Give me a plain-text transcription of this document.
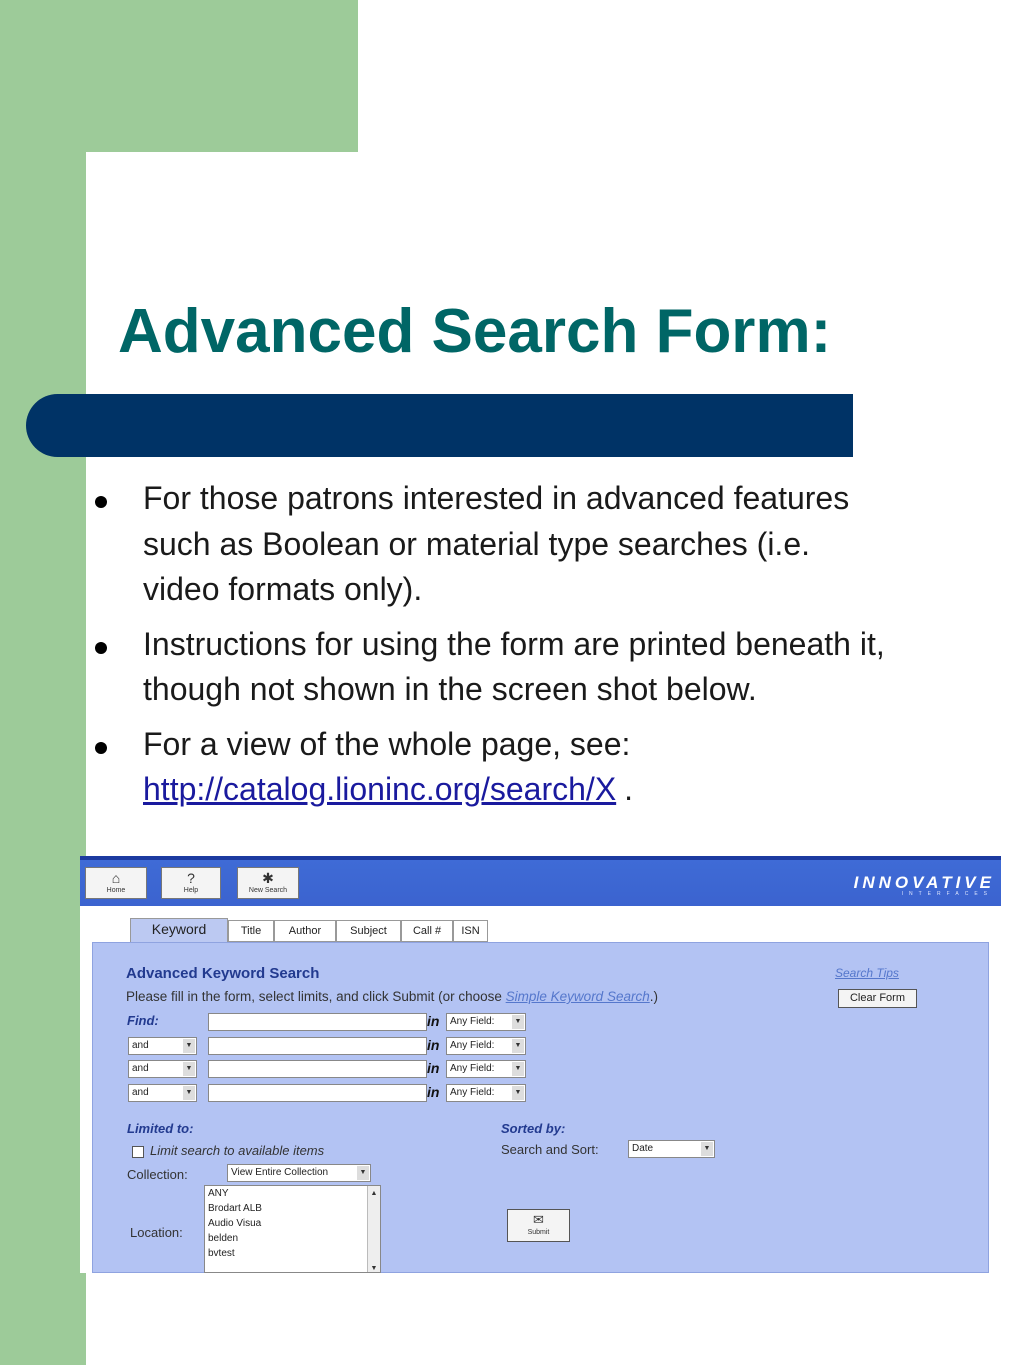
Advanced Search Form:
For those patrons interested in advanced features such as Boolean or material type searches (i.e. video formats only).
Instructions for using the form are printed beneath it, though not shown in the screen shot below.
For a view of the whole page, see:
http://catalog.lioninc.org/search/X .
⌂
Home
?
Help
✱
New Search	INNOVATIVE
INTERFACES
Keyword	Title	Author	Subject	Call #	ISN
Advanced Keyword Search
Please fill in the form, select limits, and click Submit (or choose Simple Keyword Search.)
Search Tips
Clear Form
Find:	in	Any Field:	▼
and	▼	in	Any Field:	▼
and	▼	in	Any Field:	▼
and	▼	in	Any Field:	▼
Limited to:
Limit search to available items
Collection:	View Entire Collection	▼
Location:
ANY
Brodart ALB
Audio Visua
belden
bvtest
▲

▼
Sorted by:
Search and Sort:	Date	▼
✉
Submit
